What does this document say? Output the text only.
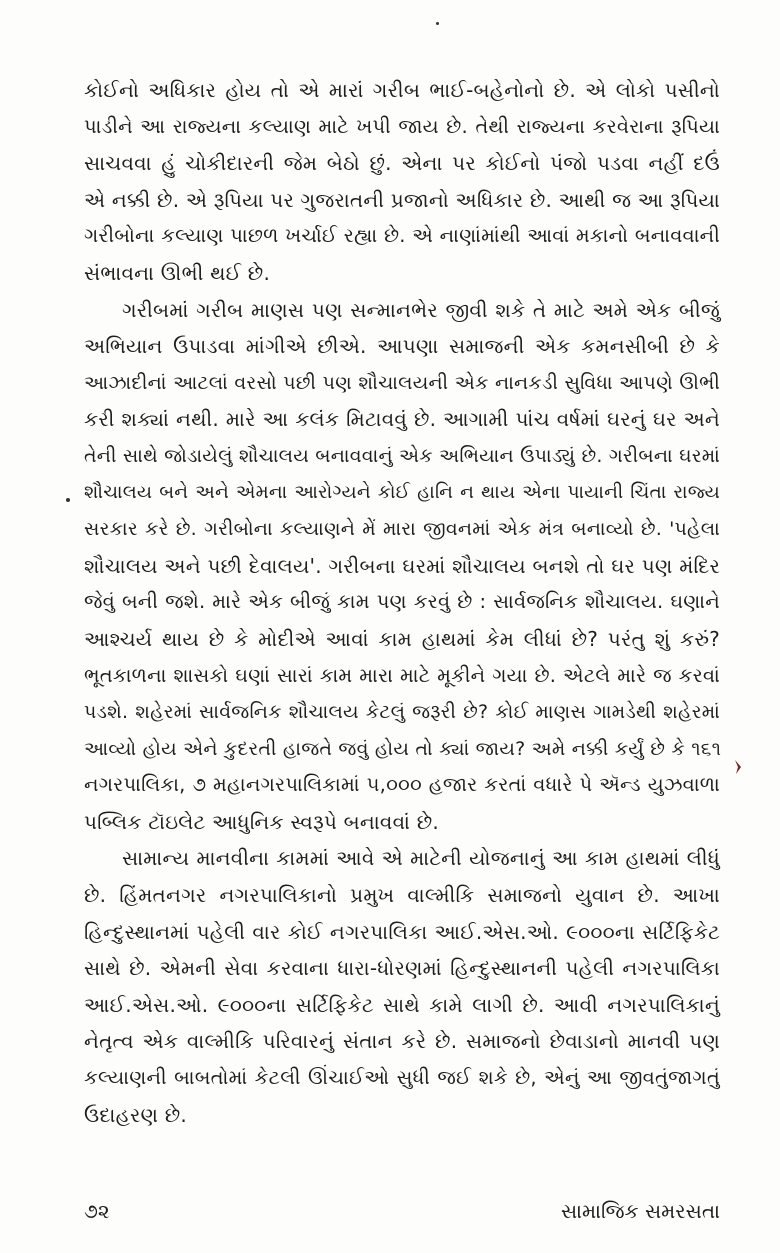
કોઈનો અધિકાર હોય તો એ મારાં ગરીબ ભાઈ-બહેનોનો છે. એ લોકો પસીનો
પાડીને આ રાજ્યના કલ્યાણ માટે ખપી જાય છે. તેથી રાજ્યના કરવેરાના રૂપિયા
સાચવવા હું ચોકીદારની જેમ બેઠો છું. એના પર કોઈનો પંજો પડવા નહીં દઉં
એ નક્કી છે. એ રૂપિયા પર ગુજરાતની પ્રજાનો અધિકાર છે. આથી જ આ રૂપિયા
ગરીબોના કલ્યાણ પાછળ ખર્ચાઈ રહ્યા છે. એ નાણાંમાંથી આવાં મકાનો બનાવવાની
સંભાવના ઊભી થઈ છે.
ગરીબમાં ગરીબ માણસ પણ સન્માનભેર જીવી શકે તે માટે અમે એક બીજું
અભિયાન ઉપાડવા માંગીએ છીએ. આપણા સમાજની એક કમનસીબી છે કે
આઝાદીનાં આટલાં વરસો પછી પણ શૌચાલયની એક નાનકડી સુવિધા આપણે ઊભી
કરી શક્યાં નથી. મારે આ કલંક મિટાવવું છે. આગામી પાંચ વર્ષમાં ઘરનું ઘર અને
તેની સાથે જોડાયેલું શૌચાલય બનાવવાનું એક અભિયાન ઉપાડ્યું છે. ગરીબના ઘરમાં
શૌચાલય બને અને એમના આરોગ્યને કોઈ હાનિ ન થાય એના પાયાની ચિંતા રાજ્ય
સરકાર કરે છે. ગરીબોના કલ્યાણને મેં મારા જીવનમાં એક મંત્ર બનાવ્યો છે. 'પહેલા
શૌચાલય અને પછી દેવાલય'. ગરીબના ઘરમાં શૌચાલય બનશે તો ઘર પણ મંદિર
જેવું બની જશે. મારે એક બીજું કામ પણ કરવું છે : સાર્વજનિક શૌચાલય. ઘણાને
આશ્ચર્ય થાય છે કે મોદીએ આવાં કામ હાથમાં કેમ લીધાં છે? પરંતુ શું કરું?
ભૂતકાળના શાસકો ઘણાં સારાં કામ મારા માટે મૂકીને ગયા છે. એટલે મારે જ કરવાં
પડશે. શહેરમાં સાર્વજનિક શૌચાલય કેટલું જરૂરી છે? કોઈ માણસ ગામડેથી શહેરમાં
આવ્યો હોય એને કુદરતી હાજતે જવું હોય તો ક્યાં જાય? અમે નક્કી કર્યું છે કે ૧૬૧
નગરપાલિકા, ૭ મહાનગરપાલિકામાં ૫,૦૦૦ હજાર કરતાં વધારે પે ઍન્ડ યુઝવાળા
પબ્લિક ટૉઇલેટ આધુનિક સ્વરૂપે બનાવવાં છે.
સામાન્ય માનવીના કામમાં આવે એ માટેની યોજનાનું આ કામ હાથમાં લીધું
છે. હિંમતનગર નગરપાલિકાનો પ્રમુખ વાલ્મીકિ સમાજનો યુવાન છે. આખા
હિન્દુસ્થાનમાં પહેલી વાર કોઈ નગરપાલિકા આઈ.એસ.ઓ. ૯૦૦૦ના સર્ટિફિકેટ
સાથે છે. એમની સેવા કરવાના ધારા-ધોરણમાં હિન્દુસ્થાનની પહેલી નગરપાલિકા
આઈ.એસ.ઓ. ૯૦૦૦ના સર્ટિફિકેટ સાથે કામે લાગી છે. આવી નગરપાલિકાનું
નેતૃત્વ એક વાલ્મીકિ પરિવારનું સંતાન કરે છે. સમાજનો છેવાડાનો માનવી પણ
કલ્યાણની બાબતોમાં કેટલી ઊંચાઈઓ સુધી જઈ શકે છે, એનું આ જીવતુંજાગતું
ઉદાહરણ છે.
૭૨	સામાજિક સમરસતા
